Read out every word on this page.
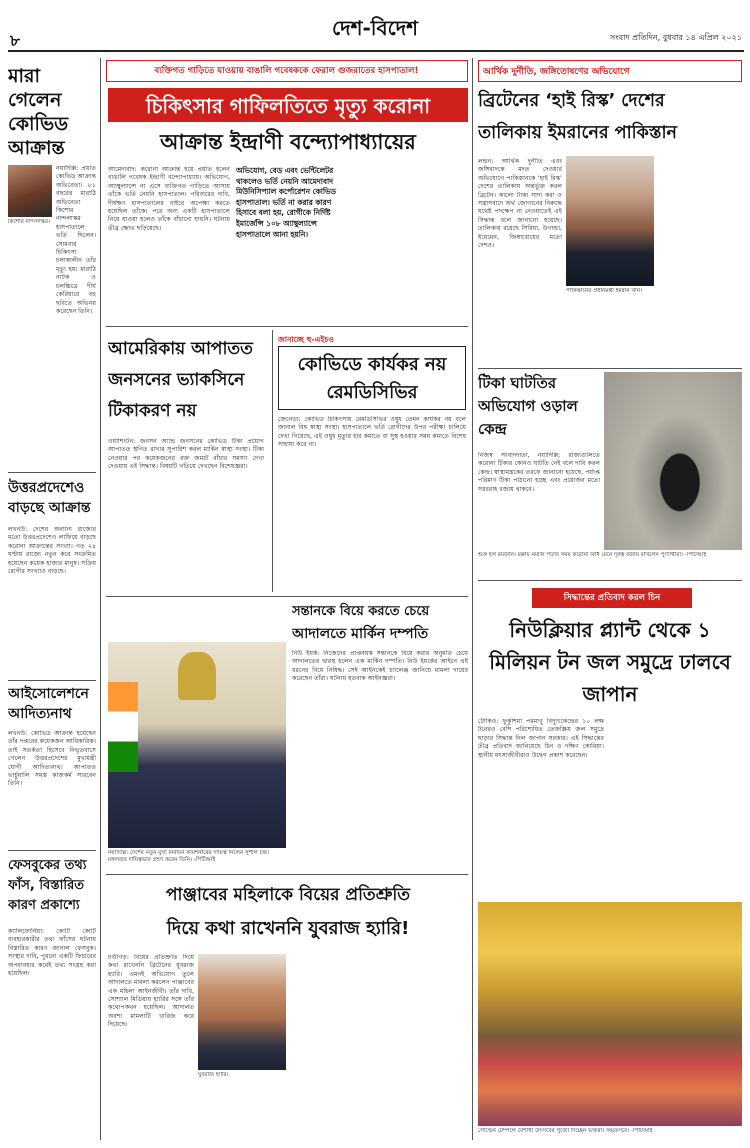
৮
দেশ-বিদেশ	সংবাদ প্রতিদিন, বুধবার ১৪ এপ্রিল ২০২১
মারা গেলেন কোভিড আক্রান্ত
কিশোর নান্দলাস্কর।
নয়াদিল্লি: প্রয়াত কোভিড আক্রান্ত অভিনেতা। ৮১ বছরের মারাঠি অভিনেতা কিশোর নান্দলাস্কর হাসপাতালে ভর্তি ছিলেন। সোমবার চিকিৎসা চলাকালীন তাঁর মৃত্যু হয়। মারাঠি নাটক ও চলচ্চিত্রে দীর্ঘ কেরিয়ারে বহু ছবিতে অভিনয় করেছেন তিনি।
উত্তরপ্রদেশেও বাড়ছে আক্রান্ত
লখনউ: দেশের অন্যান্য রাজ্যের মতো উত্তরপ্রদেশেও লাফিয়ে বাড়ছে করোনা আক্রান্তের সংখ্যা। গত ২৪ ঘণ্টায় রাজ্যে নতুন করে সংক্রমিত হয়েছেন কয়েক হাজার মানুষ। সক্রিয় রোগীর সংখ্যাও বাড়ছে।
আইসোলেশনে আদিত্যনাথ
লখনউ: কোভিড আক্রান্ত হয়েছেন তাঁর দপ্তরের কয়েকজন আধিকারিক। তাই সতর্কতা হিসেবে নিভৃতবাসে গেলেন উত্তরপ্রদেশের মুখ্যমন্ত্রী যোগী আদিত্যনাথ। আপাতত ভার্চুয়ালি সমস্ত কাজকর্ম সারবেন তিনি।
ফেসবুকের তথ্য ফাঁস, বিস্তারিত কারণ প্রকাশ্যে
ক্যালিফোর্নিয়া: কোটি কোটি ব্যবহারকারীর তথ্য ফাঁসের ঘটনায় বিস্তারিত কারণ জানাল ফেসবুক। সংস্থার দাবি, পুরনো একটি ফিচারের অপব্যবহার করেই তথ্য সংগ্রহ করা হয়েছিল।
ব্যক্তিগত গাড়িতে যাওয়ায় বাঙালি গবেষককে ফেরাল গুজরাতের হাসপাতাল!
চিকিৎসার গাফিলতিতে মৃত্যু করোনা
আক্রান্ত ইন্দ্রাণী বন্দ্যোপাধ্যায়ের
আমেদাবাদ: করোনা আক্রান্ত হয়ে প্রয়াত হলেন বাঙালি গবেষক ইন্দ্রাণী বন্দ্যোপাধ্যায়। অভিযোগ, অ্যাম্বুল্যান্সে না এসে ব্যক্তিগত গাড়িতে আসায় তাঁকে ভর্তি নেয়নি হাসপাতাল। পরিবারের দাবি, দীর্ঘক্ষণ হাসপাতালের বাইরে অপেক্ষা করতে হয়েছিল তাঁকে। পরে অন্য একটি হাসপাতালে নিয়ে যাওয়া হলেও তাঁকে বাঁচানো যায়নি। ঘটনায় তীব্র ক্ষোভ ছড়িয়েছে।
অভিযোগ, বেড এবং ভেন্টিলেটর থাকলেও ভর্তি নেয়নি আমেদাবাদ মিউনিসিপ্যাল কর্পোরেশন কোভিড হাসপাতাল। ভর্তি না করার কারণ হিসাবে বলা হয়, রোগীকে নির্দিষ্ট ইমার্জেন্সি ১০৮ অ্যাম্বুল্যান্সে হাসপাতালে আনা হয়নি।
আর্থিক দুর্নীতি, জঙ্গিতোষণের অভিযোগে
ব্রিটেনের ‘হাই রিস্ক’ দেশের
তালিকায় ইমরানের পাকিস্তান
লন্ডন: আর্থিক দুর্নীতি এবং জঙ্গিবাদকে মদত দেওয়ার অভিযোগে পাকিস্তানকে ‘হাই রিস্ক’ দেশের তালিকায় অন্তর্ভুক্ত করল ব্রিটেন। কালো টাকা সাদা করা ও সন্ত্রাসবাদে অর্থ জোগানের বিরুদ্ধে যথেষ্ট পদক্ষেপ না নেওয়াতেই এই সিদ্ধান্ত বলে জানানো হয়েছে। তালিকায় রয়েছে সিরিয়া, উগান্ডা, ইয়েমেন, জিম্বাবোয়ের মতো দেশও।
পাকিস্তানের প্রধানমন্ত্রী ইমরান খান।
আমেরিকায় আপাতত জনসনের ভ্যাকসিনে টিকাকরণ নয়
ওয়াশিংটন: জনসন অ্যান্ড জনসনের কোভিড টিকা প্রয়োগ আপাতত স্থগিত রাখার সুপারিশ করল মার্কিন স্বাস্থ্য সংস্থা। টিকা নেওয়ার পর কয়েকজনের রক্ত জমাট বাঁধার সমস্যা দেখা দেওয়ায় এই সিদ্ধান্ত। বিষয়টি খতিয়ে দেখছেন বিশেষজ্ঞরা।
জানাচ্ছে হু-এইচও
কোভিডে কার্যকর নয় রেমডিসিভির
জেনেভা: কোভিড চিকিৎসায় রেমডিসিভির ওষুধ তেমন কার্যকর নয় বলে জানাল বিশ্ব স্বাস্থ্য সংস্থা। হাসপাতালে ভর্তি রোগীদের উপর পরীক্ষা চালিয়ে দেখা গিয়েছে, এই ওষুধ মৃত্যুর হার কমাতে বা সুস্থ হওয়ার সময় কমাতে বিশেষ সাহায্য করে না।
টিকা ঘাটতির অভিযোগ ওড়াল কেন্দ্র
নিজস্ব সংবাদদাতা, নয়াদিল্লি: রাজ্যগুলিতে করোনা টিকার কোনও ঘাটতি নেই বলে দাবি করল কেন্দ্র। স্বাস্থ্যমন্ত্রকের তরফে জানানো হয়েছে, পর্যাপ্ত পরিমাণ টিকা পাঠানো হচ্ছে এবং প্রয়োজন মতো সরবরাহ বজায় থাকবে।
শুরু হল রমজান। মক্কায় নমাজ পড়ার সময় করোনা বিধি মেনে দূরত্ব বজায় রাখলেন পুণ্যার্থীরা। -পিটিআই
সন্তানকে বিয়ে করতে চেয়ে
আদালতে মার্কিন দম্পতি
নিউ ইয়র্ক: নিজেদের প্রাপ্তবয়স্ক সন্তানকে বিয়ে করার অনুমতি চেয়ে আদালতের দ্বারস্থ হলেন এক মার্কিন দম্পতি। নিউ ইয়র্কের আইনে এই ধরনের বিয়ে নিষিদ্ধ। সেই আইনকেই চ্যালেঞ্জ জানিয়ে মামলা দায়ের করেছেন তাঁরা। ঘটনায় হতবাক আইনজ্ঞরা।
নয়াদিল্লি: দেশের নতুন মুখ্য নির্বাচন কমিশনারের দায়িত্ব নিলেন সুশীল চন্দ্র। মঙ্গলবার দায়িত্বভার গ্রহণ করেন তিনি। -পিটিআই
পাঞ্জাবের মহিলাকে বিয়ের প্রতিশ্রুতি
দিয়ে কথা রাখেননি যুবরাজ হ্যারি!
চণ্ডীগড়: বিয়ের প্রতিশ্রুতি দিয়ে কথা রাখেননি ব্রিটেনের যুবরাজ হ্যারি। এমনই অভিযোগ তুলে আদালতে মামলা করলেন পাঞ্জাবের এক মহিলা আইনজীবী। তাঁর দাবি, সোশ্যাল মিডিয়ায় হ্যারির সঙ্গে তাঁর কথোপকথন হয়েছিল। আদালত অবশ্য মামলাটি খারিজ করে দিয়েছে।
যুবরাজ হ্যারি।
সিদ্ধান্তের প্রতিবাদ করল চিন
নিউক্লিয়ার প্ল্যান্ট থেকে ১ মিলিয়ন টন জল সমুদ্রে ঢালবে জাপান
টোকিও: ফুকুশিমা পরমাণু বিদ্যুৎকেন্দ্রের ১০ লক্ষ টনেরও বেশি পরিশোধিত তেজস্ক্রিয় জল সমুদ্রে ছাড়ার সিদ্ধান্ত নিল জাপান সরকার। এই সিদ্ধান্তের তীব্র প্রতিবাদ জানিয়েছে চিন ও দক্ষিণ কোরিয়া। স্থানীয় মৎস্যজীবীরাও উদ্বেগ প্রকাশ করেছেন।
গোল্ডেন টেম্পলে বৈশাখী উৎসবের পুজো দিচ্ছেন ভক্তরা। অমৃতসরে। -পিটিআই
